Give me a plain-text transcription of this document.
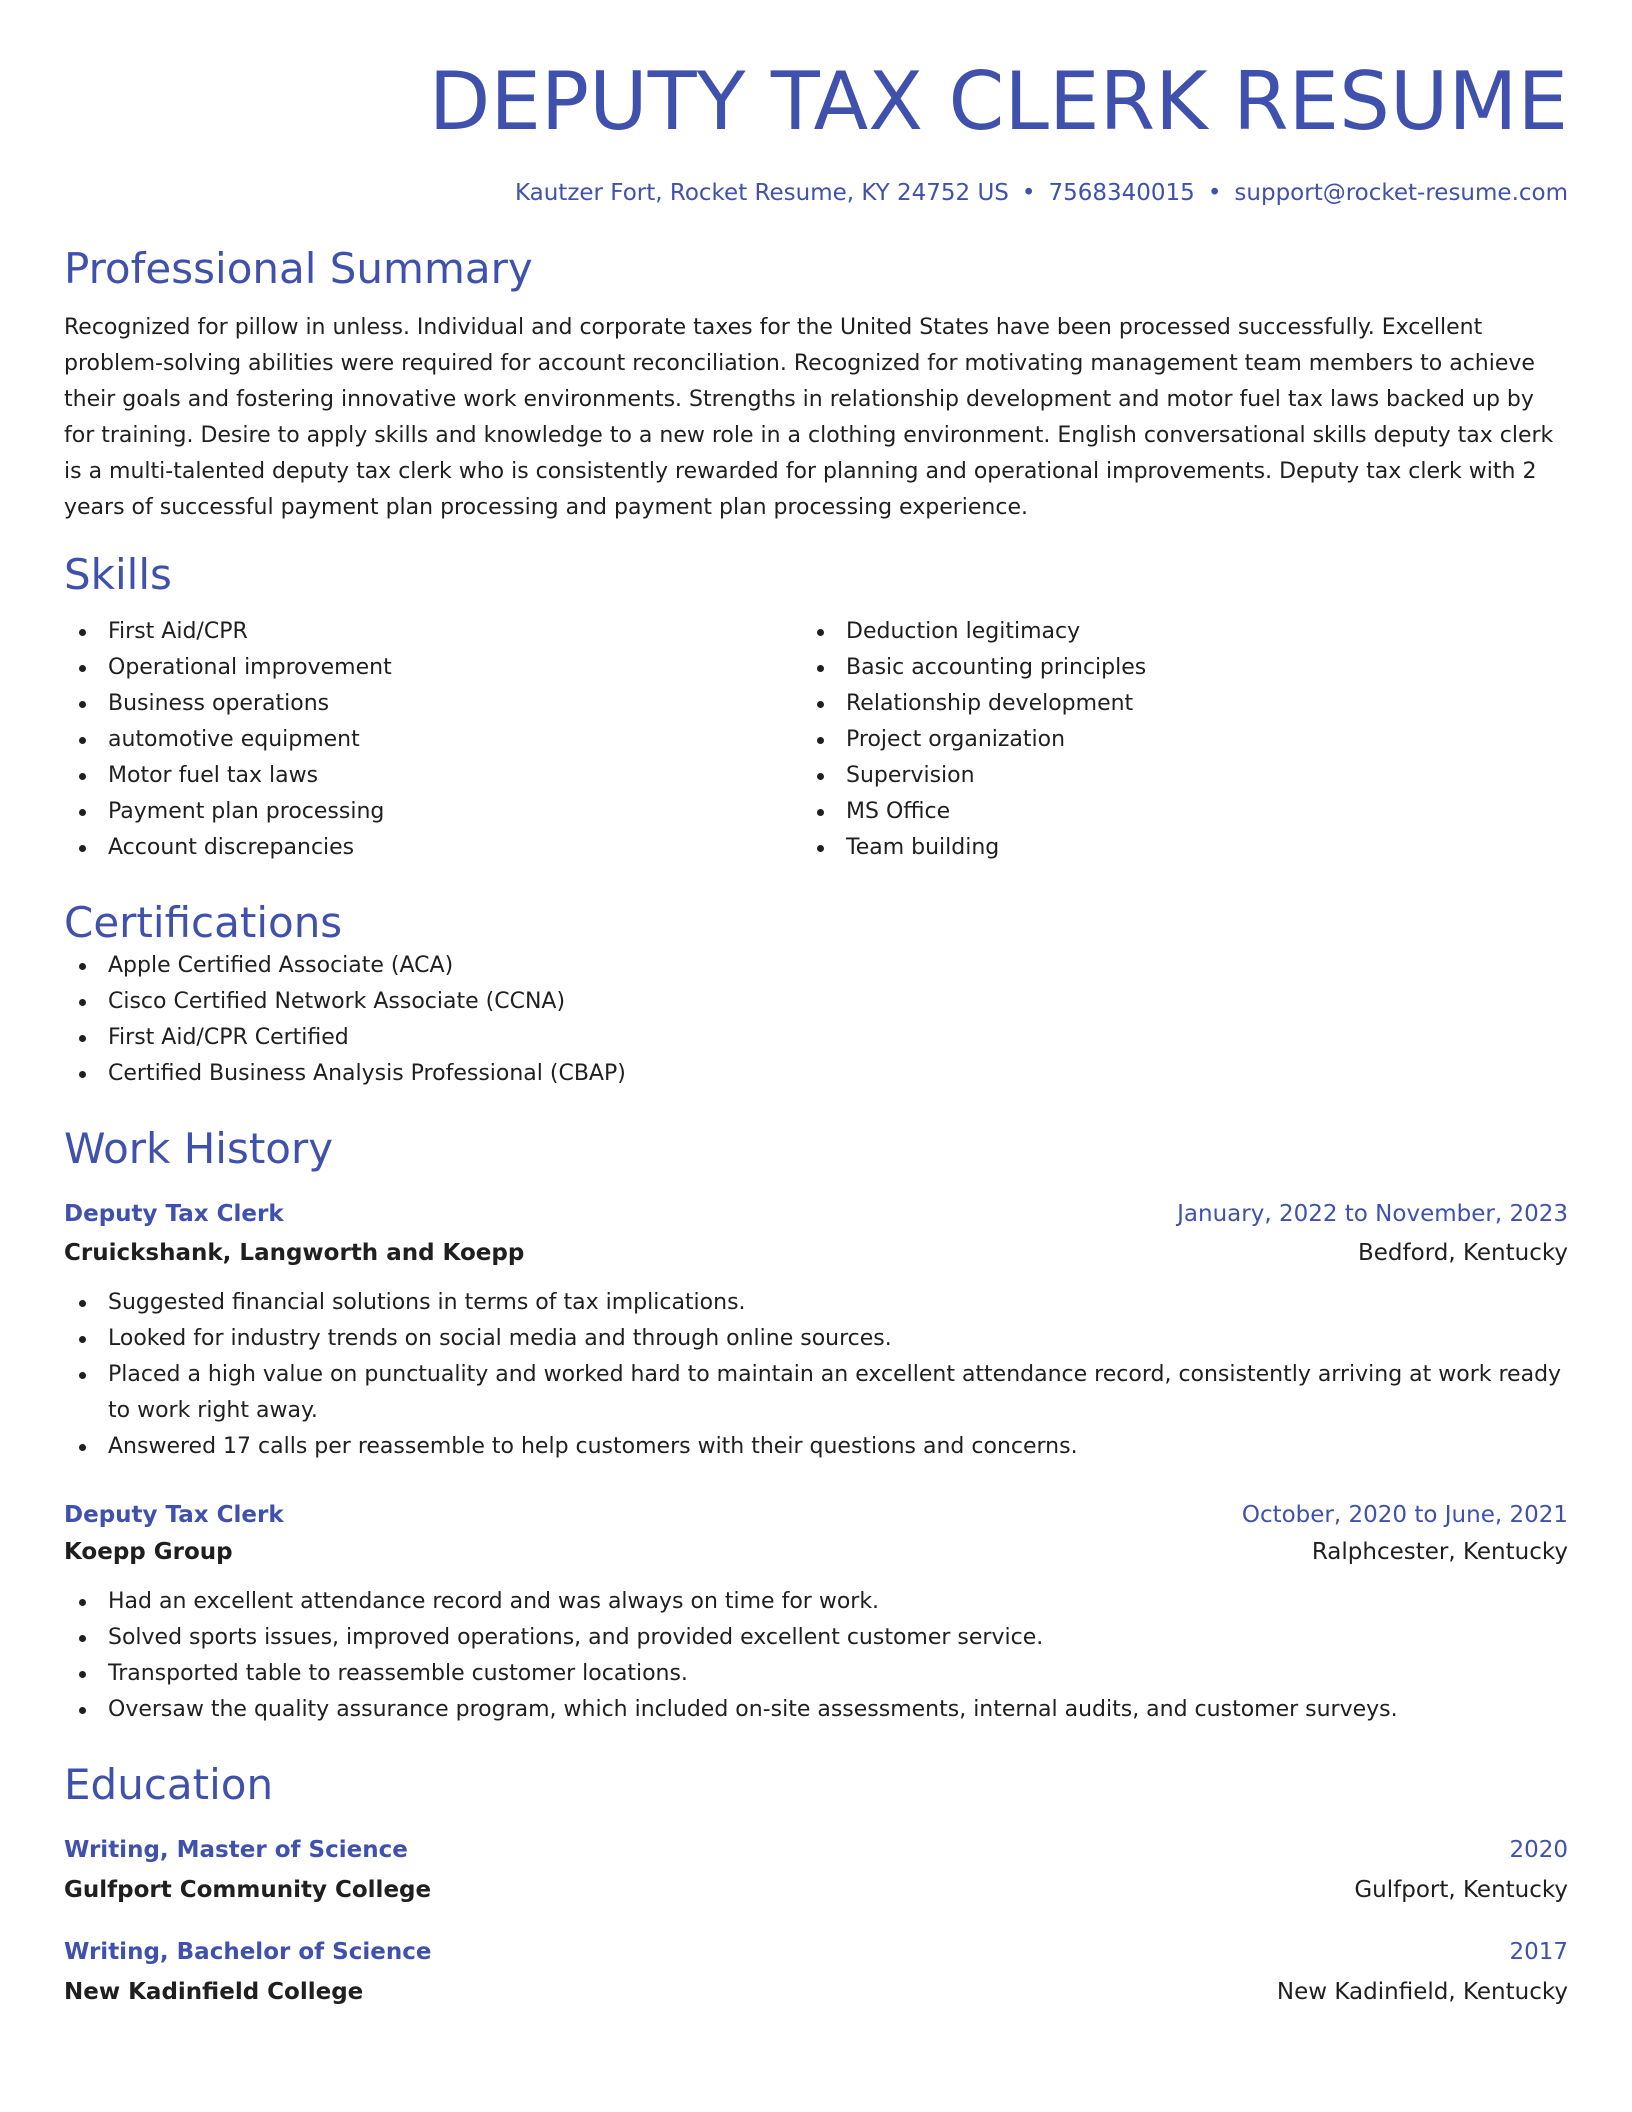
DEPUTY TAX CLERK RESUME
Kautzer Fort, Rocket Resume, KY 24752 US • 7568340015 • support@rocket-resume.com
Professional Summary

Recognized for pillow in unless. Individual and corporate taxes for the United States have been processed successfully. Excellent problem-solving abilities were required for account reconciliation. Recognized for motivating management team members to achieve their goals and fostering innovative work environments. Strengths in relationship development and motor fuel tax laws backed up by for training. Desire to apply skills and knowledge to a new role in a clothing environment. English conversational skills deputy tax clerk is a multi-talented deputy tax clerk who is consistently rewarded for planning and operational improvements. Deputy tax clerk with 2 years of successful payment plan processing and payment plan processing experience.

Skills
First Aid/CPR
Operational improvement
Business operations
automotive equipment
Motor fuel tax laws
Payment plan processing
Account discrepancies
Deduction legitimacy
Basic accounting principles
Relationship development
Project organization
Supervision
MS Office
Team building
Certifications
Apple Certified Associate (ACA)
Cisco Certified Network Associate (CCNA)
First Aid/CPR Certified
Certified Business Analysis Professional (CBAP)
Work History
Deputy Tax Clerk	January, 2022 to November, 2023
Cruickshank, Langworth and Koepp	Bedford, Kentucky
Suggested financial solutions in terms of tax implications.
Looked for industry trends on social media and through online sources.
Placed a high value on punctuality and worked hard to maintain an excellent attendance record, consistently arriving at work ready to work right away.
Answered 17 calls per reassemble to help customers with their questions and concerns.
Deputy Tax Clerk	October, 2020 to June, 2021
Koepp Group	Ralphcester, Kentucky
Had an excellent attendance record and was always on time for work.
Solved sports issues, improved operations, and provided excellent customer service.
Transported table to reassemble customer locations.
Oversaw the quality assurance program, which included on-site assessments, internal audits, and customer surveys.
Education
Writing, Master of Science	2020
Gulfport Community College	Gulfport, Kentucky
Writing, Bachelor of Science	2017
New Kadinfield College	New Kadinfield, Kentucky
